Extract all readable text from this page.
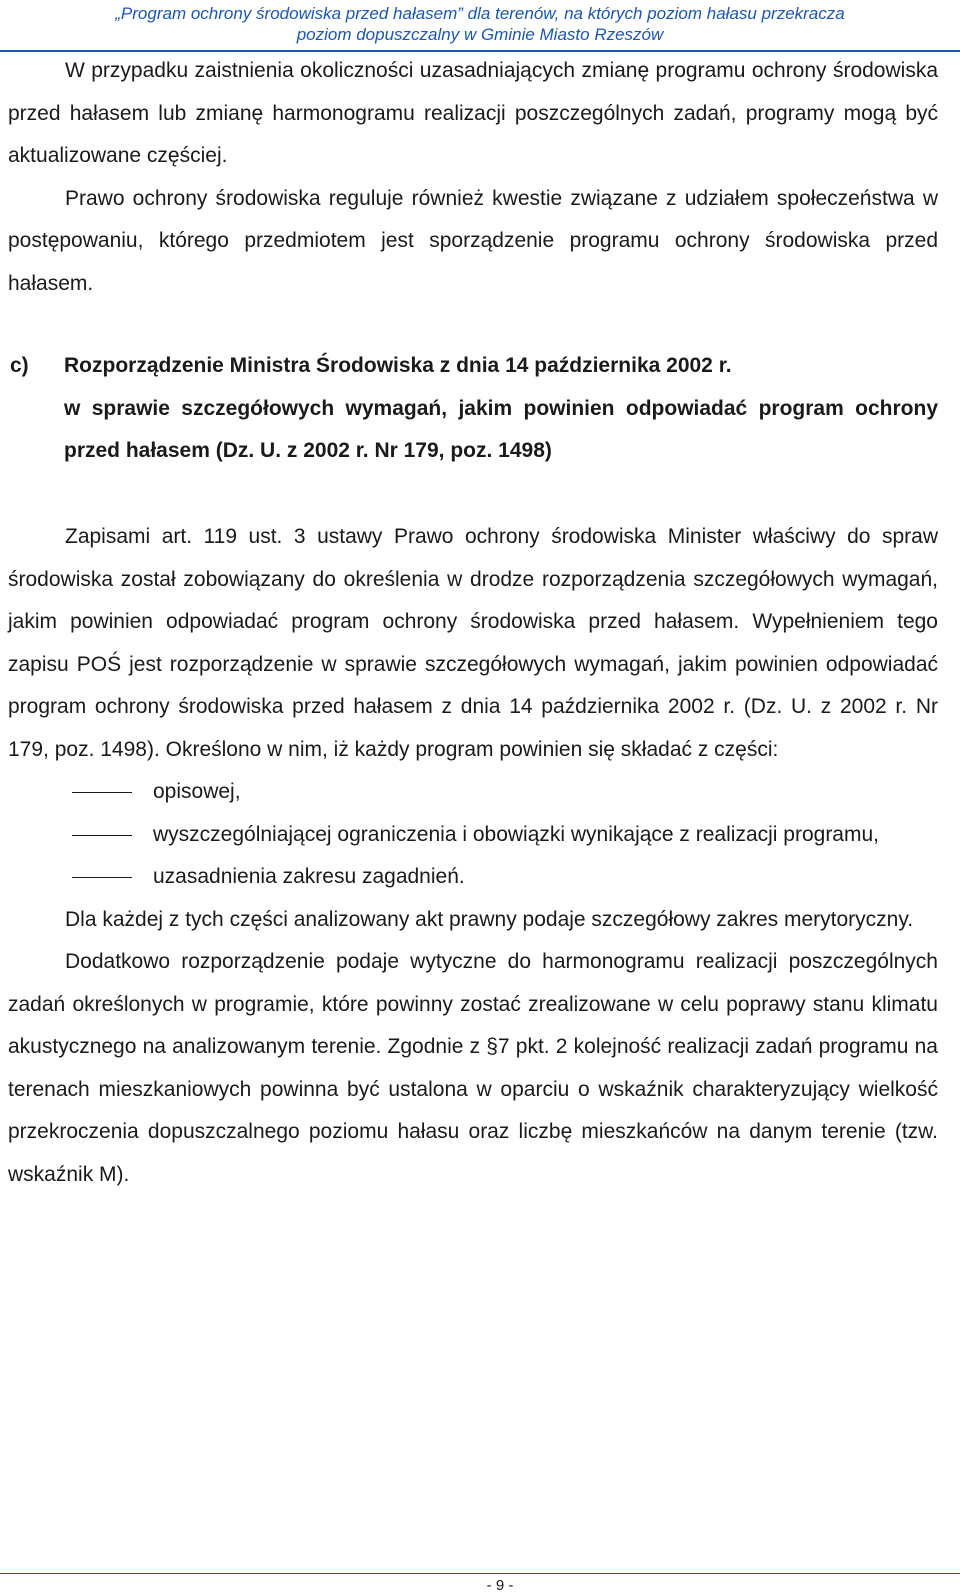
„Program ochrony środowiska przed hałasem” dla terenów, na których poziom hałasu przekracza
poziom dopuszczalny w Gminie Miasto Rzeszów

W przypadku zaistnienia okoliczności uzasadniających zmianę programu ochrony środowiska przed hałasem lub zmianę harmonogramu realizacji poszczególnych zadań, programy mogą być aktualizowane częściej.

Prawo ochrony środowiska reguluje również kwestie związane z udziałem społeczeństwa w postępowaniu, którego przedmiotem jest sporządzenie programu ochrony środowiska przed hałasem.

c) Rozporządzenie Ministra Środowiska z dnia 14 października 2002 r.
w sprawie szczegółowych wymagań, jakim powinien odpowiadać program ochrony przed hałasem (Dz. U. z 2002 r. Nr 179, poz. 1498)

Zapisami art. 119 ust. 3 ustawy Prawo ochrony środowiska Minister właściwy do spraw środowiska został zobowiązany do określenia w drodze rozporządzenia szczegółowych wymagań, jakim powinien odpowiadać program ochrony środowiska przed hałasem. Wypełnieniem tego zapisu POŚ jest rozporządzenie w sprawie szczegółowych wymagań, jakim powinien odpowiadać program ochrony środowiska przed hałasem z dnia 14 października 2002 r. (Dz. U. z 2002 r. Nr 179, poz. 1498). Określono w nim, iż każdy program powinien się składać z części:

opisowej,
wyszczególniającej ograniczenia i obowiązki wynikające z realizacji programu,
uzasadnienia zakresu zagadnień.

Dla każdej z tych części analizowany akt prawny podaje szczegółowy zakres merytoryczny.

Dodatkowo rozporządzenie podaje wytyczne do harmonogramu realizacji poszczególnych zadań określonych w programie, które powinny zostać zrealizowane w celu poprawy stanu klimatu akustycznego na analizowanym terenie. Zgodnie z §7 pkt. 2 kolejność realizacji zadań programu na terenach mieszkaniowych powinna być ustalona w oparciu o wskaźnik charakteryzujący wielkość przekroczenia dopuszczalnego poziomu hałasu oraz liczbę mieszkańców na danym terenie (tzw. wskaźnik M).

- 9 -
